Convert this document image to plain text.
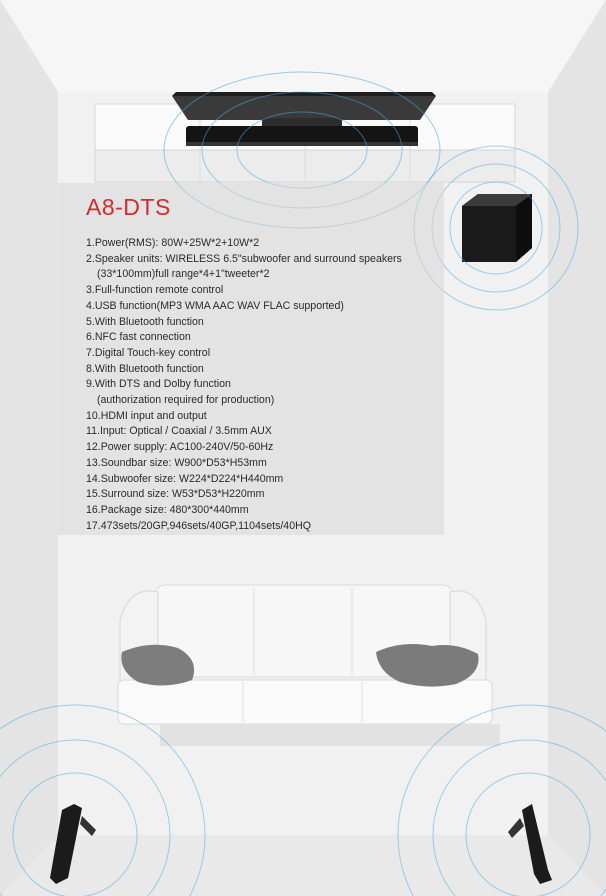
A8-DTS
1.Power(RMS): 80W+25W*2+10W*2
2.Speaker units: WIRELESS 6.5"subwoofer and surround speakers
(33*100mm)full range*4+1"tweeter*2
3.Full-function remote control
4.USB function(MP3 WMA AAC WAV FLAC supported)
5.With Bluetooth function
6.NFC fast connection
7.Digital Touch-key control
8.With Bluetooth function
9.With DTS and Dolby function
(authorization required for production)
10.HDMI input and output
11.Input: Optical / Coaxial / 3.5mm AUX
12.Power supply: AC100-240V/50-60Hz
13.Soundbar size: W900*D53*H53mm
14.Subwoofer size: W224*D224*H440mm
15.Surround size: W53*D53*H220mm
16.Package size: 480*300*440mm
17.473sets/20GP,946sets/40GP,1104sets/40HQ
